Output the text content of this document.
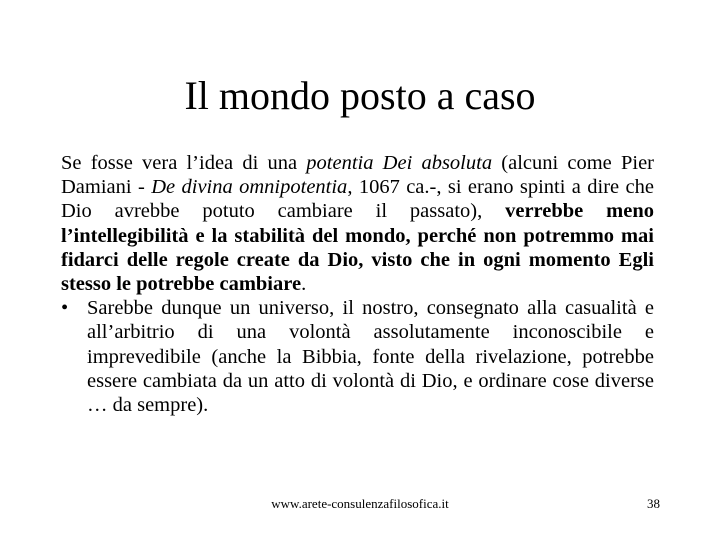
Il mondo posto a caso

Se fosse vera l’idea di una potentia Dei absoluta (alcuni come Pier Damiani - De divina omnipotentia, 1067 ca.-, si erano spinti a dire che Dio avrebbe potuto cambiare il passato), verrebbe meno l’intellegibilità e la stabilità del mondo, perché non potremmo mai fidarci delle regole create da Dio, visto che in ogni momento Egli stesso le potrebbe cambiare.

• Sarebbe dunque un universo, il nostro, consegnato alla casualità e all’arbitrio di una volontà assolutamente inconoscibile e imprevedibile (anche la Bibbia, fonte della rivelazione, potrebbe essere cambiata da un atto di volontà di Dio, e ordinare cose diverse … da sempre).
www.arete-consulenzafilosofica.it	38
